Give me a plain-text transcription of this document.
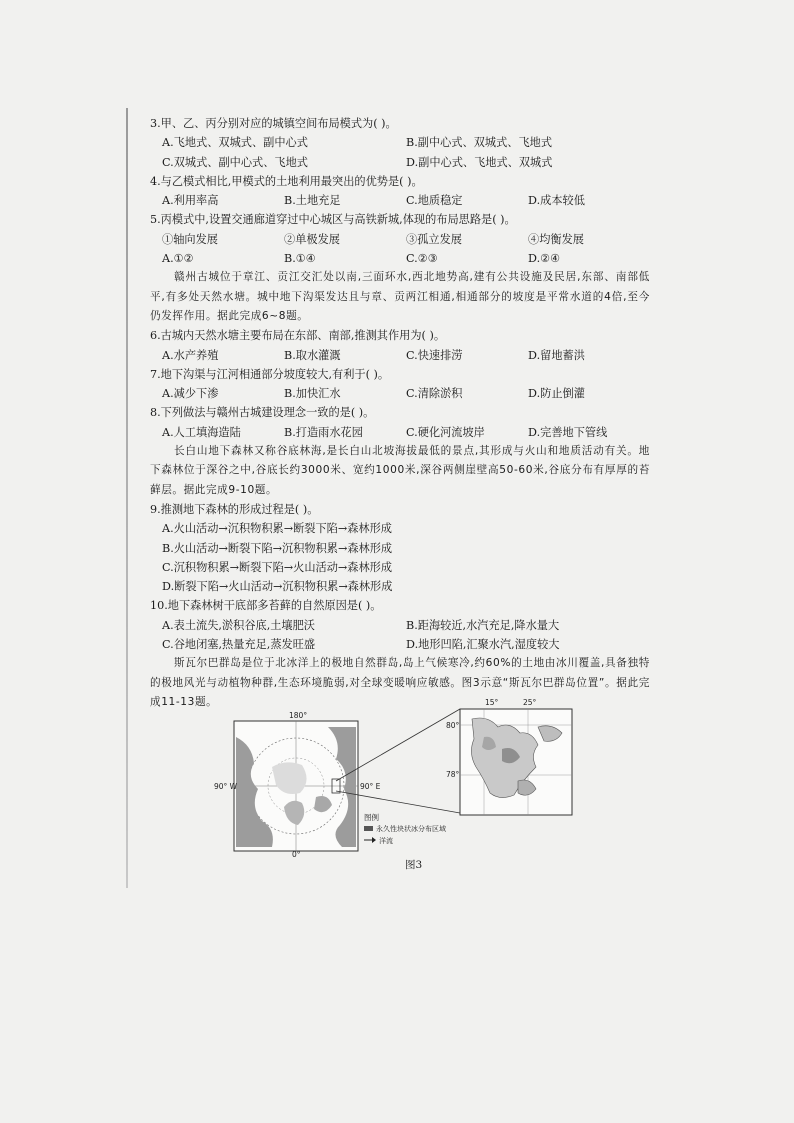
3.甲、乙、丙分别对应的城镇空间布局模式为( )。
A.飞地式、双城式、副中心式	B.副中心式、双城式、飞地式
C.双城式、副中心式、飞地式	D.副中心式、飞地式、双城式
4.与乙模式相比,甲模式的土地利用最突出的优势是( )。
A.利用率高	B.土地充足	C.地质稳定	D.成本较低
5.丙模式中,设置交通廊道穿过中心城区与高铁新城,体现的布局思路是( )。
①轴向发展	②单极发展	③孤立发展	④均衡发展
A.①②	B.①④	C.②③	D.②④
赣州古城位于章江、贡江交汇处以南,三面环水,西北地势高,建有公共设施及民居,东部、南部低平,有多处天然水塘。城中地下沟渠发达且与章、贡两江相通,相通部分的坡度是平常水道的4倍,至今仍发挥作用。据此完成6~8题。
6.古城内天然水塘主要布局在东部、南部,推测其作用为( )。
A.水产养殖	B.取水灌溉	C.快速排涝	D.留地蓄洪
7.地下沟渠与江河相通部分坡度较大,有利于( )。
A.减少下渗	B.加快汇水	C.清除淤积	D.防止倒灌
8.下列做法与赣州古城建设理念一致的是( )。
A.人工填海造陆	B.打造雨水花园	C.硬化河流坡岸	D.完善地下管线
长白山地下森林又称谷底林海,是长白山北坡海拔最低的景点,其形成与火山和地质活动有关。地下森林位于深谷之中,谷底长约3000米、宽约1000米,深谷两侧崖壁高50-60米,谷底分布有厚厚的苔藓层。据此完成9-10题。
9.推测地下森林的形成过程是( )。
A.火山活动→沉积物积累→断裂下陷→森林形成
B.火山活动→断裂下陷→沉积物积累→森林形成
C.沉积物积累→断裂下陷→火山活动→森林形成
D.断裂下陷→火山活动→沉积物积累→森林形成
10.地下森林树干底部多苔藓的自然原因是( )。
A.表土流失,淤积谷底,土壤肥沃	B.距海较近,水汽充足,降水量大
C.谷地闭塞,热量充足,蒸发旺盛	D.地形凹陷,汇聚水汽,湿度较大
斯瓦尔巴群岛是位于北冰洋上的极地自然群岛,岛上气候寒冷,约60%的土地由冰川覆盖,具备独特的极地风光与动植物种群,生态环境脆弱,对全球变暖响应敏感。图3示意“斯瓦尔巴群岛位置”。据此完成11-13题。
180°
90° W	90° E
0°
15°	25°
80°
78°
图例
永久性块状冰分布区域
洋流
图3
